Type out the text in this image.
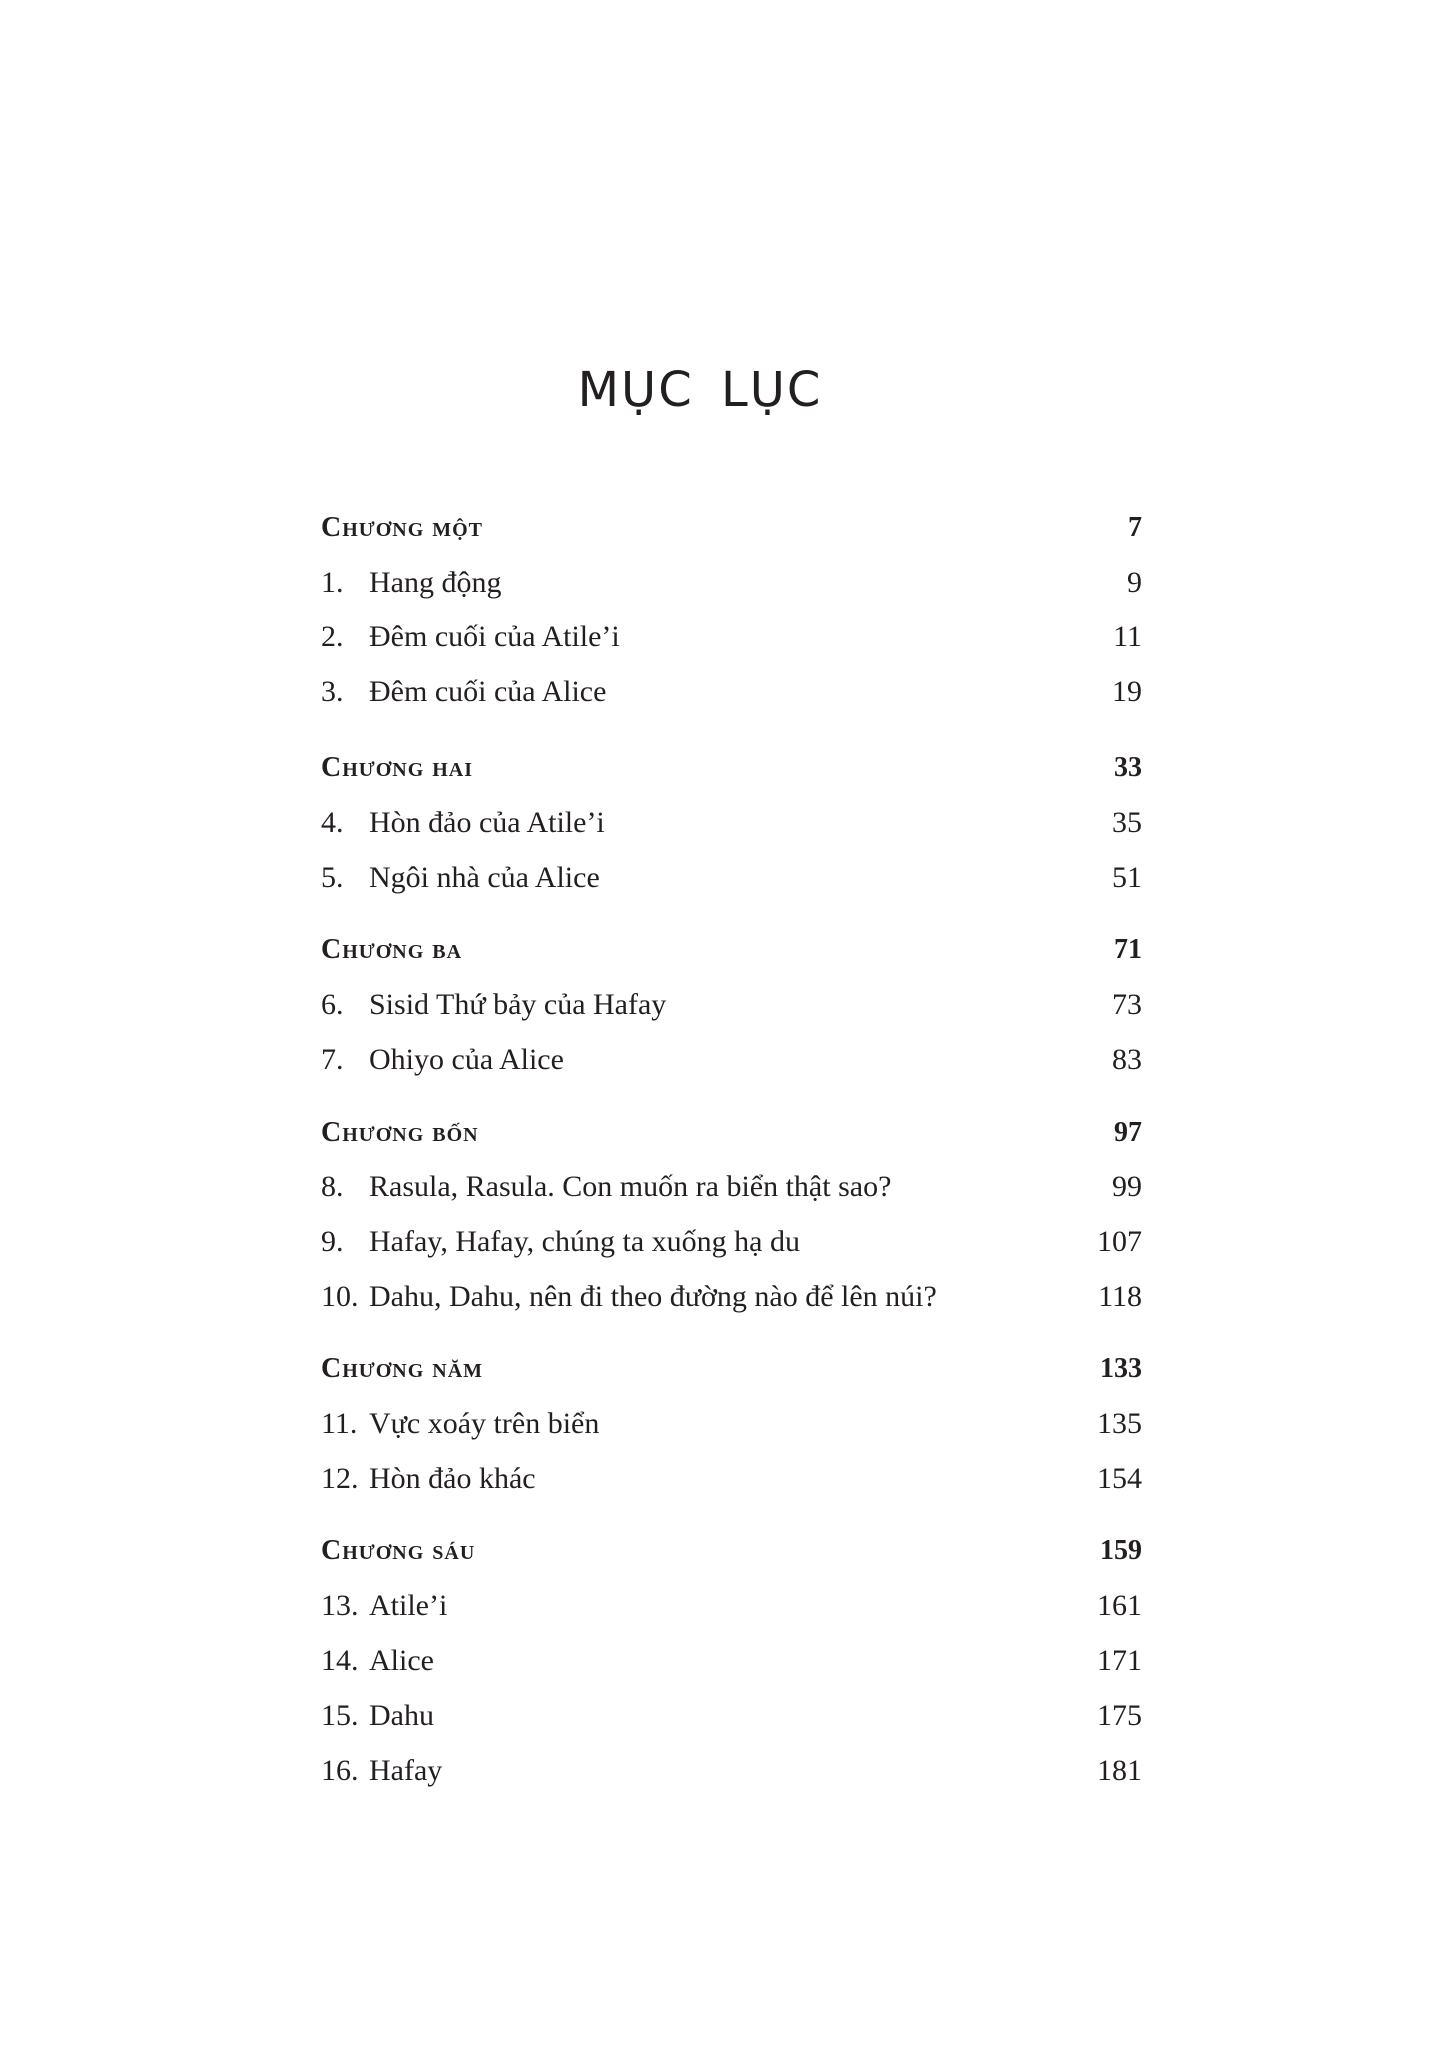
MỤC LỤC
Chương một	7
1. Hang động	9
2. Đêm cuối của Atile’i	11
3. Đêm cuối của Alice	19
Chương hai	33
4. Hòn đảo của Atile’i	35
5. Ngôi nhà của Alice	51
Chương ba	71
6. Sisid Thứ bảy của Hafay	73
7. Ohiyo của Alice	83
Chương bốn	97
8. Rasula, Rasula. Con muốn ra biển thật sao?	99
9. Hafay, Hafay, chúng ta xuống hạ du	107
10. Dahu, Dahu, nên đi theo đường nào để lên núi?	118
Chương năm	133
11. Vực xoáy trên biển	135
12. Hòn đảo khác	154
Chương sáu	159
13. Atile’i	161
14. Alice	171
15. Dahu	175
16. Hafay	181
